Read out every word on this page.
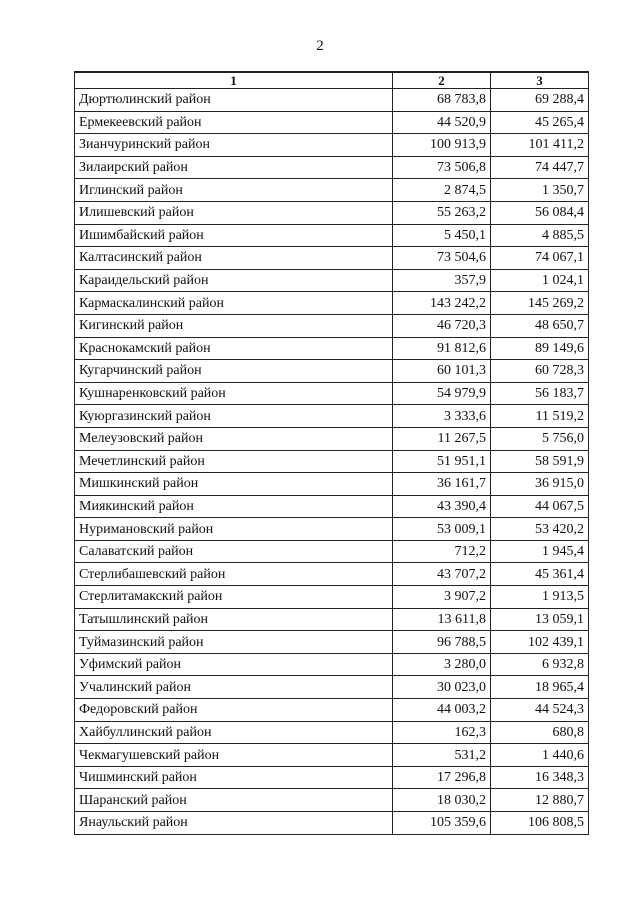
2
1	2	3
Дюртюлинский район	68 783,8	69 288,4
Ермекеевский район	44 520,9	45 265,4
Зианчуринский район	100 913,9	101 411,2
Зилаирский район	73 506,8	74 447,7
Иглинский район	2 874,5	1 350,7
Илишевский район	55 263,2	56 084,4
Ишимбайский район	5 450,1	4 885,5
Калтасинский район	73 504,6	74 067,1
Караидельский район	357,9	1 024,1
Кармаскалинский район	143 242,2	145 269,2
Кигинский район	46 720,3	48 650,7
Краснокамский район	91 812,6	89 149,6
Кугарчинский район	60 101,3	60 728,3
Кушнаренковский район	54 979,9	56 183,7
Куюргазинский район	3 333,6	11 519,2
Мелеузовский район	11 267,5	5 756,0
Мечетлинский район	51 951,1	58 591,9
Мишкинский район	36 161,7	36 915,0
Миякинский район	43 390,4	44 067,5
Нуримановский район	53 009,1	53 420,2
Салаватский район	712,2	1 945,4
Стерлибашевский район	43 707,2	45 361,4
Стерлитамакский район	3 907,2	1 913,5
Татышлинский район	13 611,8	13 059,1
Туймазинский район	96 788,5	102 439,1
Уфимский район	3 280,0	6 932,8
Учалинский район	30 023,0	18 965,4
Федоровский район	44 003,2	44 524,3
Хайбуллинский район	162,3	680,8
Чекмагушевский район	531,2	1 440,6
Чишминский район	17 296,8	16 348,3
Шаранский район	18 030,2	12 880,7
Янаульский район	105 359,6	106 808,5
